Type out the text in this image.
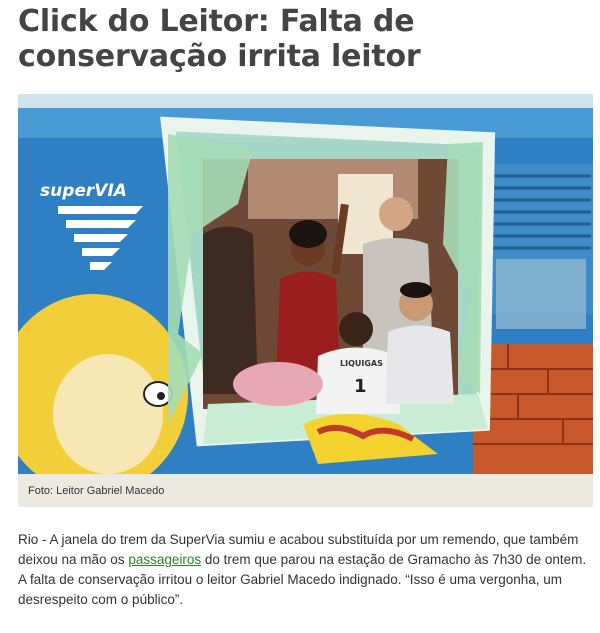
Click do Leitor: Falta de conservação irrita leitor
superVIA
LIQUIGAS
1
Foto: Leitor Gabriel Macedo

Rio - A janela do trem da SuperVia sumiu e acabou substituída por um remendo, que também deixou na mão os passageiros do trem que parou na estação de Gramacho às 7h30 de ontem. A falta de conservação irritou o leitor Gabriel Macedo indignado. “Isso é uma vergonha, um desrespeito com o público”.
